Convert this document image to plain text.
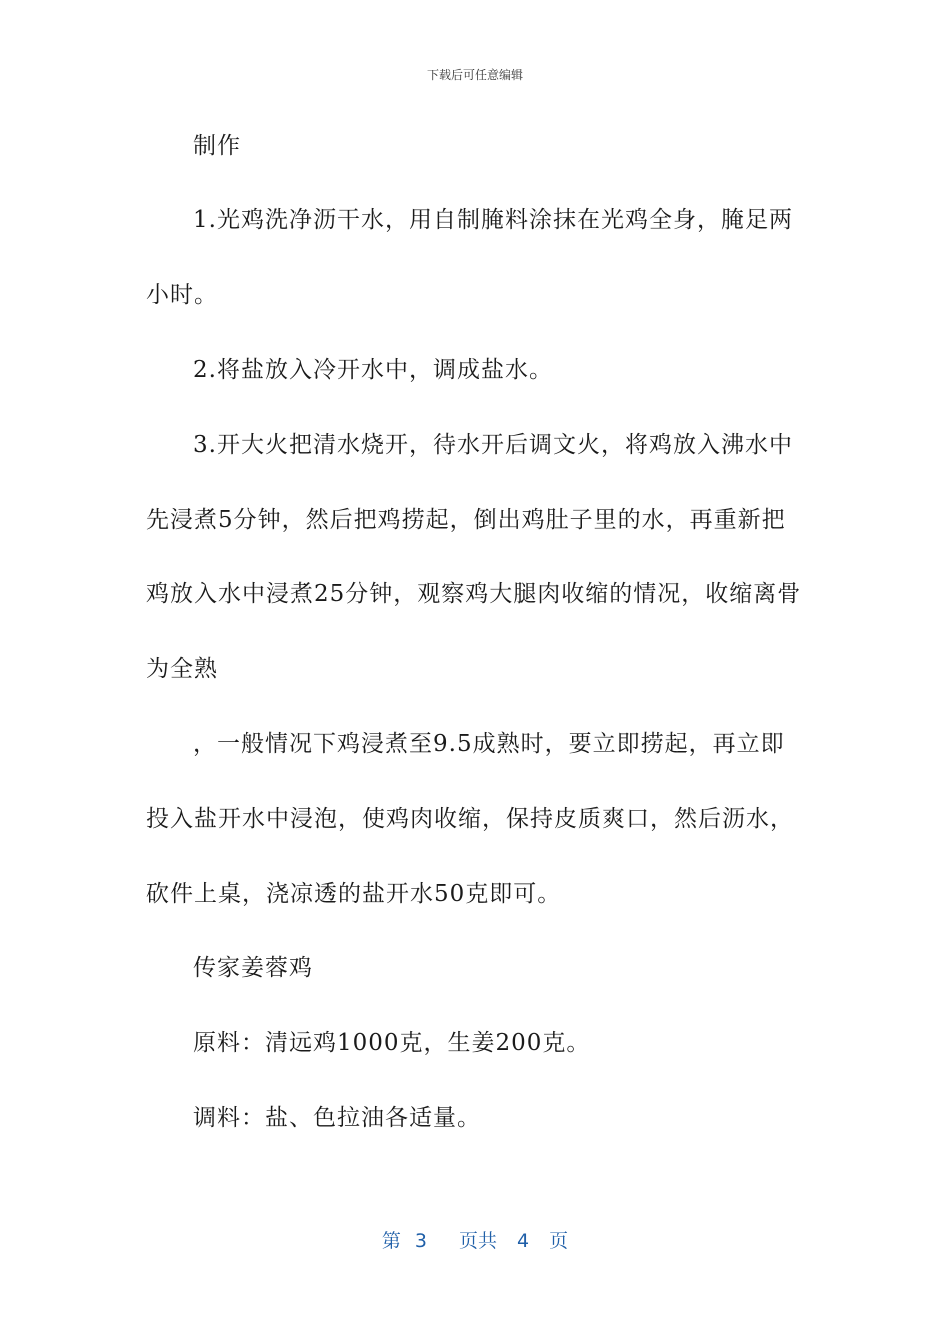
下载后可任意编辑
制作
1.光鸡洗净沥干水，用自制腌料涂抹在光鸡全身，腌足两
小时。
2.将盐放入冷开水中，调成盐水。
3.开大火把清水烧开，待水开后调文火，将鸡放入沸水中
先浸煮5分钟，然后把鸡捞起，倒出鸡肚子里的水，再重新把
鸡放入水中浸煮25分钟，观察鸡大腿肉收缩的情况，收缩离骨
为全熟
，一般情况下鸡浸煮至9.5成熟时，要立即捞起，再立即
投入盐开水中浸泡，使鸡肉收缩，保持皮质爽口，然后沥水，
砍件上桌，浇凉透的盐开水50克即可。
传家姜蓉鸡
原料：清远鸡1000克，生姜200克。
调料：盐、色拉油各适量。
第 3 页共 4 页
